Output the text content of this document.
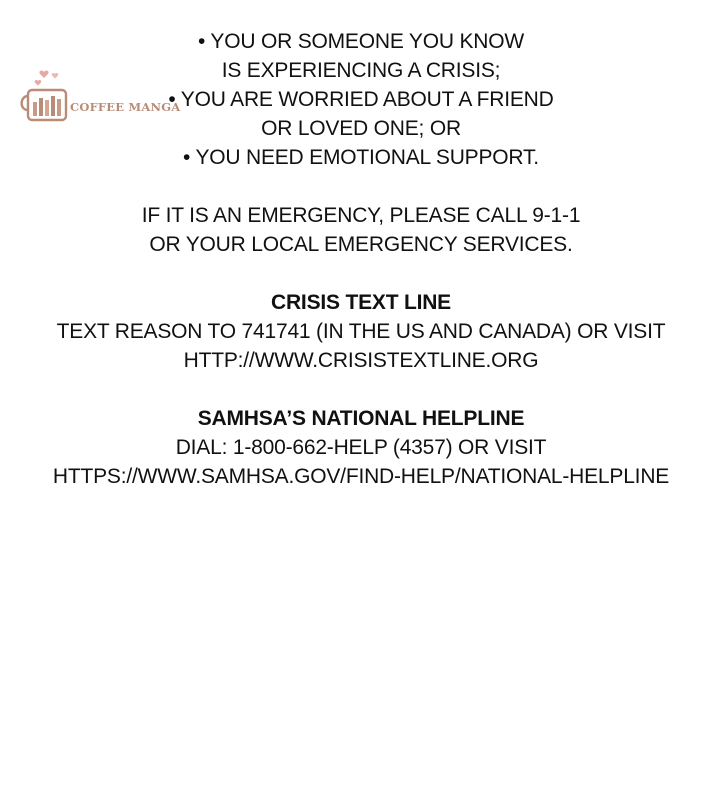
COFFEE MANGA
• YOU OR SOMEONE YOU KNOW
IS EXPERIENCING A CRISIS;
• YOU ARE WORRIED ABOUT A FRIEND
OR LOVED ONE; OR
• YOU NEED EMOTIONAL SUPPORT.
IF IT IS AN EMERGENCY, PLEASE CALL 9-1-1
OR YOUR LOCAL EMERGENCY SERVICES.
CRISIS TEXT LINE
TEXT REASON TO 741741 (IN THE US AND CANADA) OR VISIT
HTTP://WWW.CRISISTEXTLINE.ORG
SAMHSA’S NATIONAL HELPLINE
DIAL: 1-800-662-HELP (4357) OR VISIT
HTTPS://WWW.SAMHSA.GOV/FIND-HELP/NATIONAL-HELPLINE
